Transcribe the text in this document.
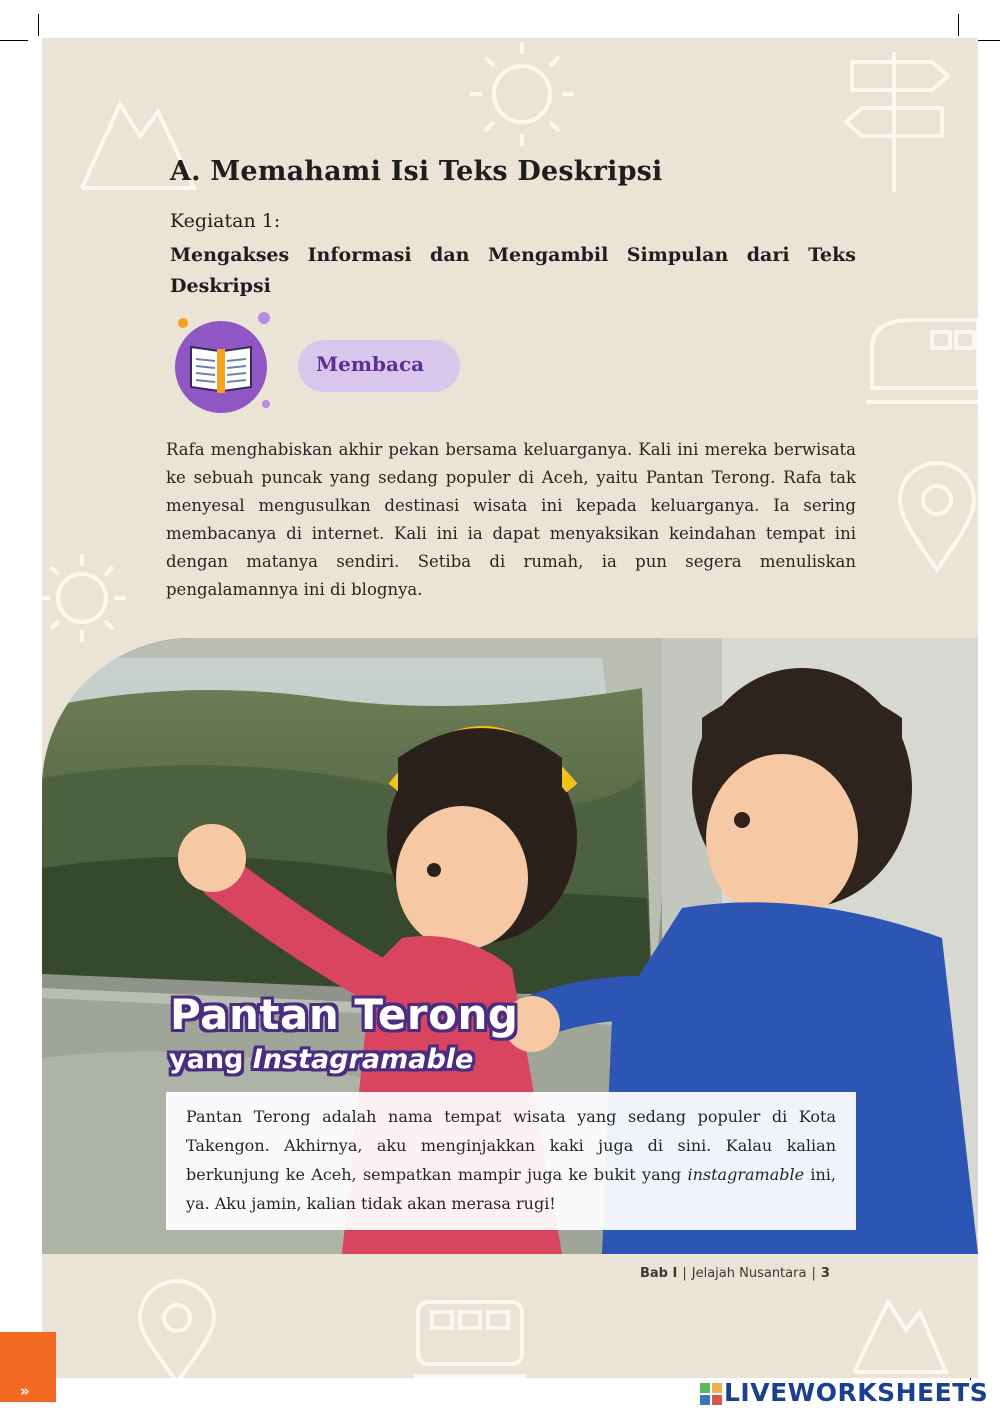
A. Memahami Isi Teks Deskripsi
Kegiatan 1:
Mengakses Informasi dan Mengambil Simpulan dari Teks Deskripsi
Membaca

Rafa menghabiskan akhir pekan bersama keluarganya. Kali ini mereka berwisata ke sebuah puncak yang sedang populer di Aceh, yaitu Pantan Terong. Rafa tak menyesal mengusulkan destinasi wisata ini kepada keluarganya. Ia sering membacanya di internet. Kali ini ia dapat menyaksikan keindahan tempat ini dengan matanya sendiri. Setiba di rumah, ia pun segera menuliskan pengalamannya ini di blognya.

Pantan Terong
yang Instagramable
Pantan Terong adalah nama tempat wisata yang sedang populer di Kota Takengon. Akhirnya, aku menginjakkan kaki juga di sini. Kalau kalian berkunjung ke Aceh, sempatkan mampir juga ke bukit yang instagramable ini, ya. Aku jamin, kalian tidak akan merasa rugi!
Bab I | Jelajah Nusantara | 3
»	LIVEWORKSHEETS
